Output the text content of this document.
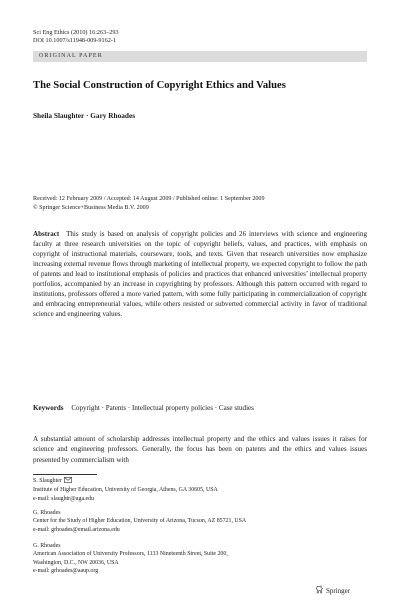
Sci Eng Ethics (2010) 16:263–293
DOI 10.1007/s11948-009-9162-1
ORIGINAL PAPER
The Social Construction of Copyright Ethics and Values
Sheila Slaughter · Gary Rhoades
Received: 12 February 2009 / Accepted: 14 August 2009 / Published online: 1 September 2009
© Springer Science+Business Media B.V. 2009
Abstract This study is based on analysis of copyright policies and 26 interviews with science and engineering faculty at three research universities on the topic of copyright beliefs, values, and practices, with emphasis on copyright of instructional materials, courseware, tools, and texts. Given that research universities now emphasize increasing external revenue flows through marketing of intellectual property, we expected copyright to follow the path of patents and lead to institutional emphasis of policies and practices that enhanced universities’ intellectual property portfolios, accompanied by an increase in copyrighting by professors. Although this pattern occurred with regard to institutions, professors offered a more varied pattern, with some fully participating in commercialization of copyright and embracing entrepreneurial values, while others resisted or subverted commercial activity in favor of traditional science and engineering values.
Keywords Copyright · Patents · Intellectual property policies · Case studies
A substantial amount of scholarship addresses intellectual property and the ethics and values issues it raises for science and engineering professors. Generally, the focus has been on patents and the ethics and values issues presented by commercialism with
S. Slaughter
Institute of Higher Education, University of Georgia, Athens, GA 30605, USA
e-mail: slaughtr@uga.edu
G. Rhoades
Center for the Study of Higher Education, University of Arizona, Tucson, AZ 85721, USA
e-mail: grhoades@email.arizona.edu
G. Rhoades
American Association of University Professors, 1133 Nineteenth Street, Suite 200,
Washington, D.C., NW 20036, USA
e-mail: grhoades@aaup.org
Springer
